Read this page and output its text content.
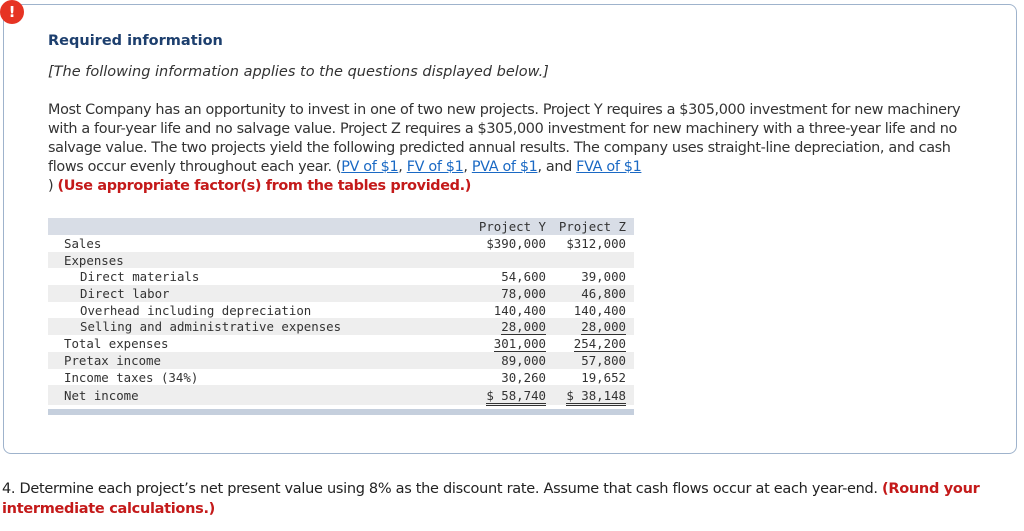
!
Required information
[The following information applies to the questions displayed below.]
Most Company has an opportunity to invest in one of two new projects. Project Y requires a $305,000 investment for new machinery with a four-year life and no salvage value. Project Z requires a $305,000 investment for new machinery with a three-year life and no salvage value. The two projects yield the following predicted annual results. The company uses straight-line depreciation, and cash flows occur evenly throughout each year. (PV of $1, FV of $1, PVA of $1, and FVA of $1
) (Use appropriate factor(s) from the tables provided.)
Project Y Project Z
Sales	$390,000 $312,000
Expenses
Direct materials	54,600	39,000
Direct labor	78,000	46,800
Overhead including depreciation	140,400 140,400
Selling and administrative expenses	28,000	28,000
Total expenses	301,000 254,200
Pretax income	89,000	57,800
Income taxes (34%)	30,260	19,652
Net income	$ 58,740 $ 38,148
4. Determine each project’s net present value using 8% as the discount rate. Assume that cash flows occur at each year-end. (Round your intermediate calculations.)
